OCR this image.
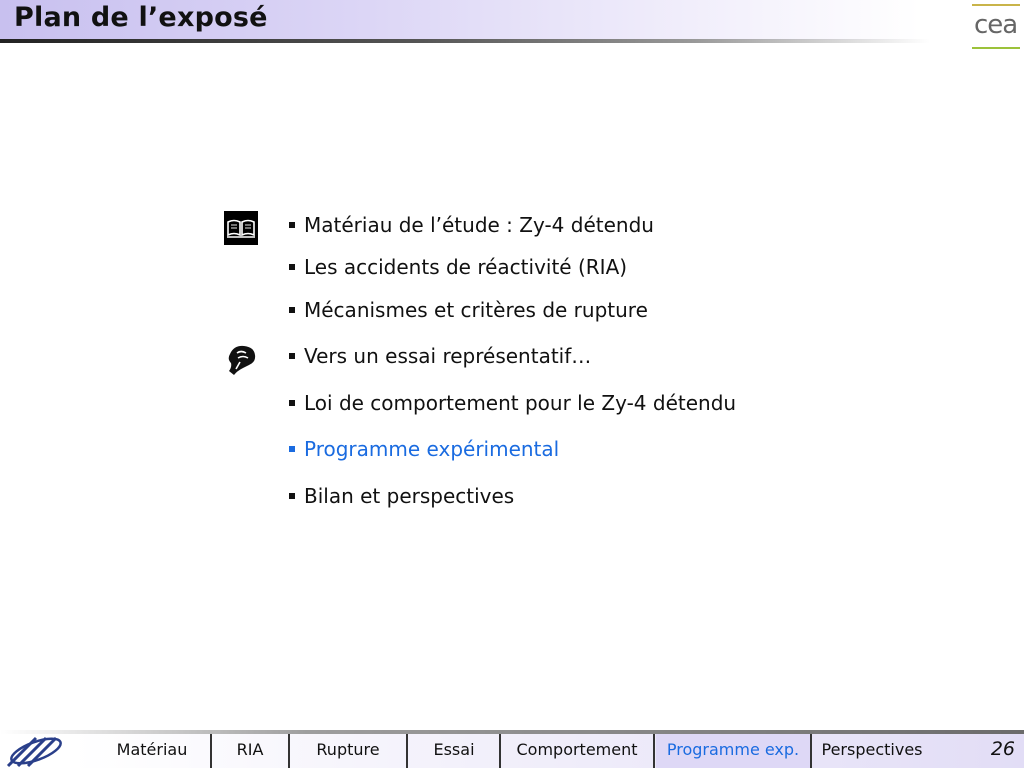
Plan de l’exposé	cea
Matériau de l’étude : Zy-4 détendu
Les accidents de réactivité (RIA)
Mécanismes et critères de rupture
Vers un essai représentatif…
Loi de comportement pour le Zy-4 détendu
Programme expérimental
Bilan et perspectives
Matériau	RIA	Rupture	Essai	Comportement	Programme exp.	Perspectives	26
